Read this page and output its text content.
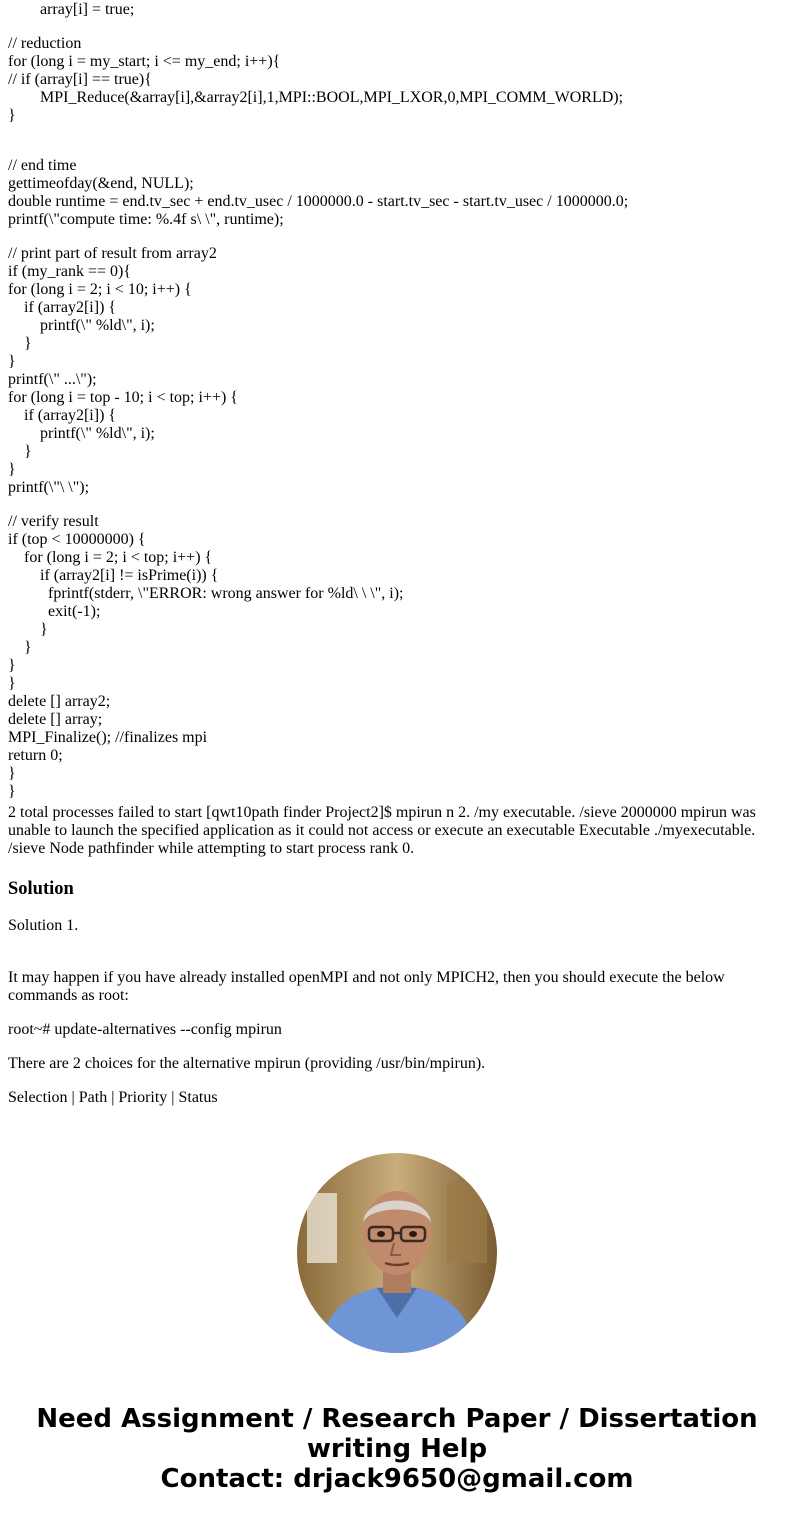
array[i] = true;
// reduction
for (long i = my_start; i <= my_end; i++){
// if (array[i] == true){
MPI_Reduce(&array[i],&array2[i],1,MPI::BOOL,MPI_LXOR,0,MPI_COMM_WORLD);
}
// end time
gettimeofday(&end, NULL);
double runtime = end.tv_sec + end.tv_usec / 1000000.0 - start.tv_sec - start.tv_usec / 1000000.0;
printf(\"compute time: %.4f s\ \", runtime);
// print part of result from array2
if (my_rank == 0){
for (long i = 2; i < 10; i++) {
if (array2[i]) {
printf(\" %ld\", i);
}
}
printf(\" ...\");
for (long i = top - 10; i < top; i++) {
if (array2[i]) {
printf(\" %ld\", i);
}
}
printf(\"\ \");
// verify result
if (top < 10000000) {
for (long i = 2; i < top; i++) {
if (array2[i] != isPrime(i)) {
fprintf(stderr, \"ERROR: wrong answer for %ld\ \ \", i);
exit(-1);
}
}
}
}
delete [] array2;
delete [] array;
MPI_Finalize(); //finalizes mpi
return 0;
}
}
2 total processes failed to start [qwt10path finder Project2]$ mpirun n 2. /my executable. /sieve 2000000 mpirun was unable to launch the specified application as it could not access or execute an executable Executable ./myexecutable. /sieve Node pathfinder while attempting to start process rank 0.
Solution
Solution 1.
It may happen if you have already installed openMPI and not only MPICH2, then you should execute the below commands as root:
root~# update-alternatives --config mpirun
There are 2 choices for the alternative mpirun (providing /usr/bin/mpirun).
Selection | Path | Priority | Status
Need Assignment / Research Paper / Dissertation
writing Help
Contact: drjack9650@gmail.com
